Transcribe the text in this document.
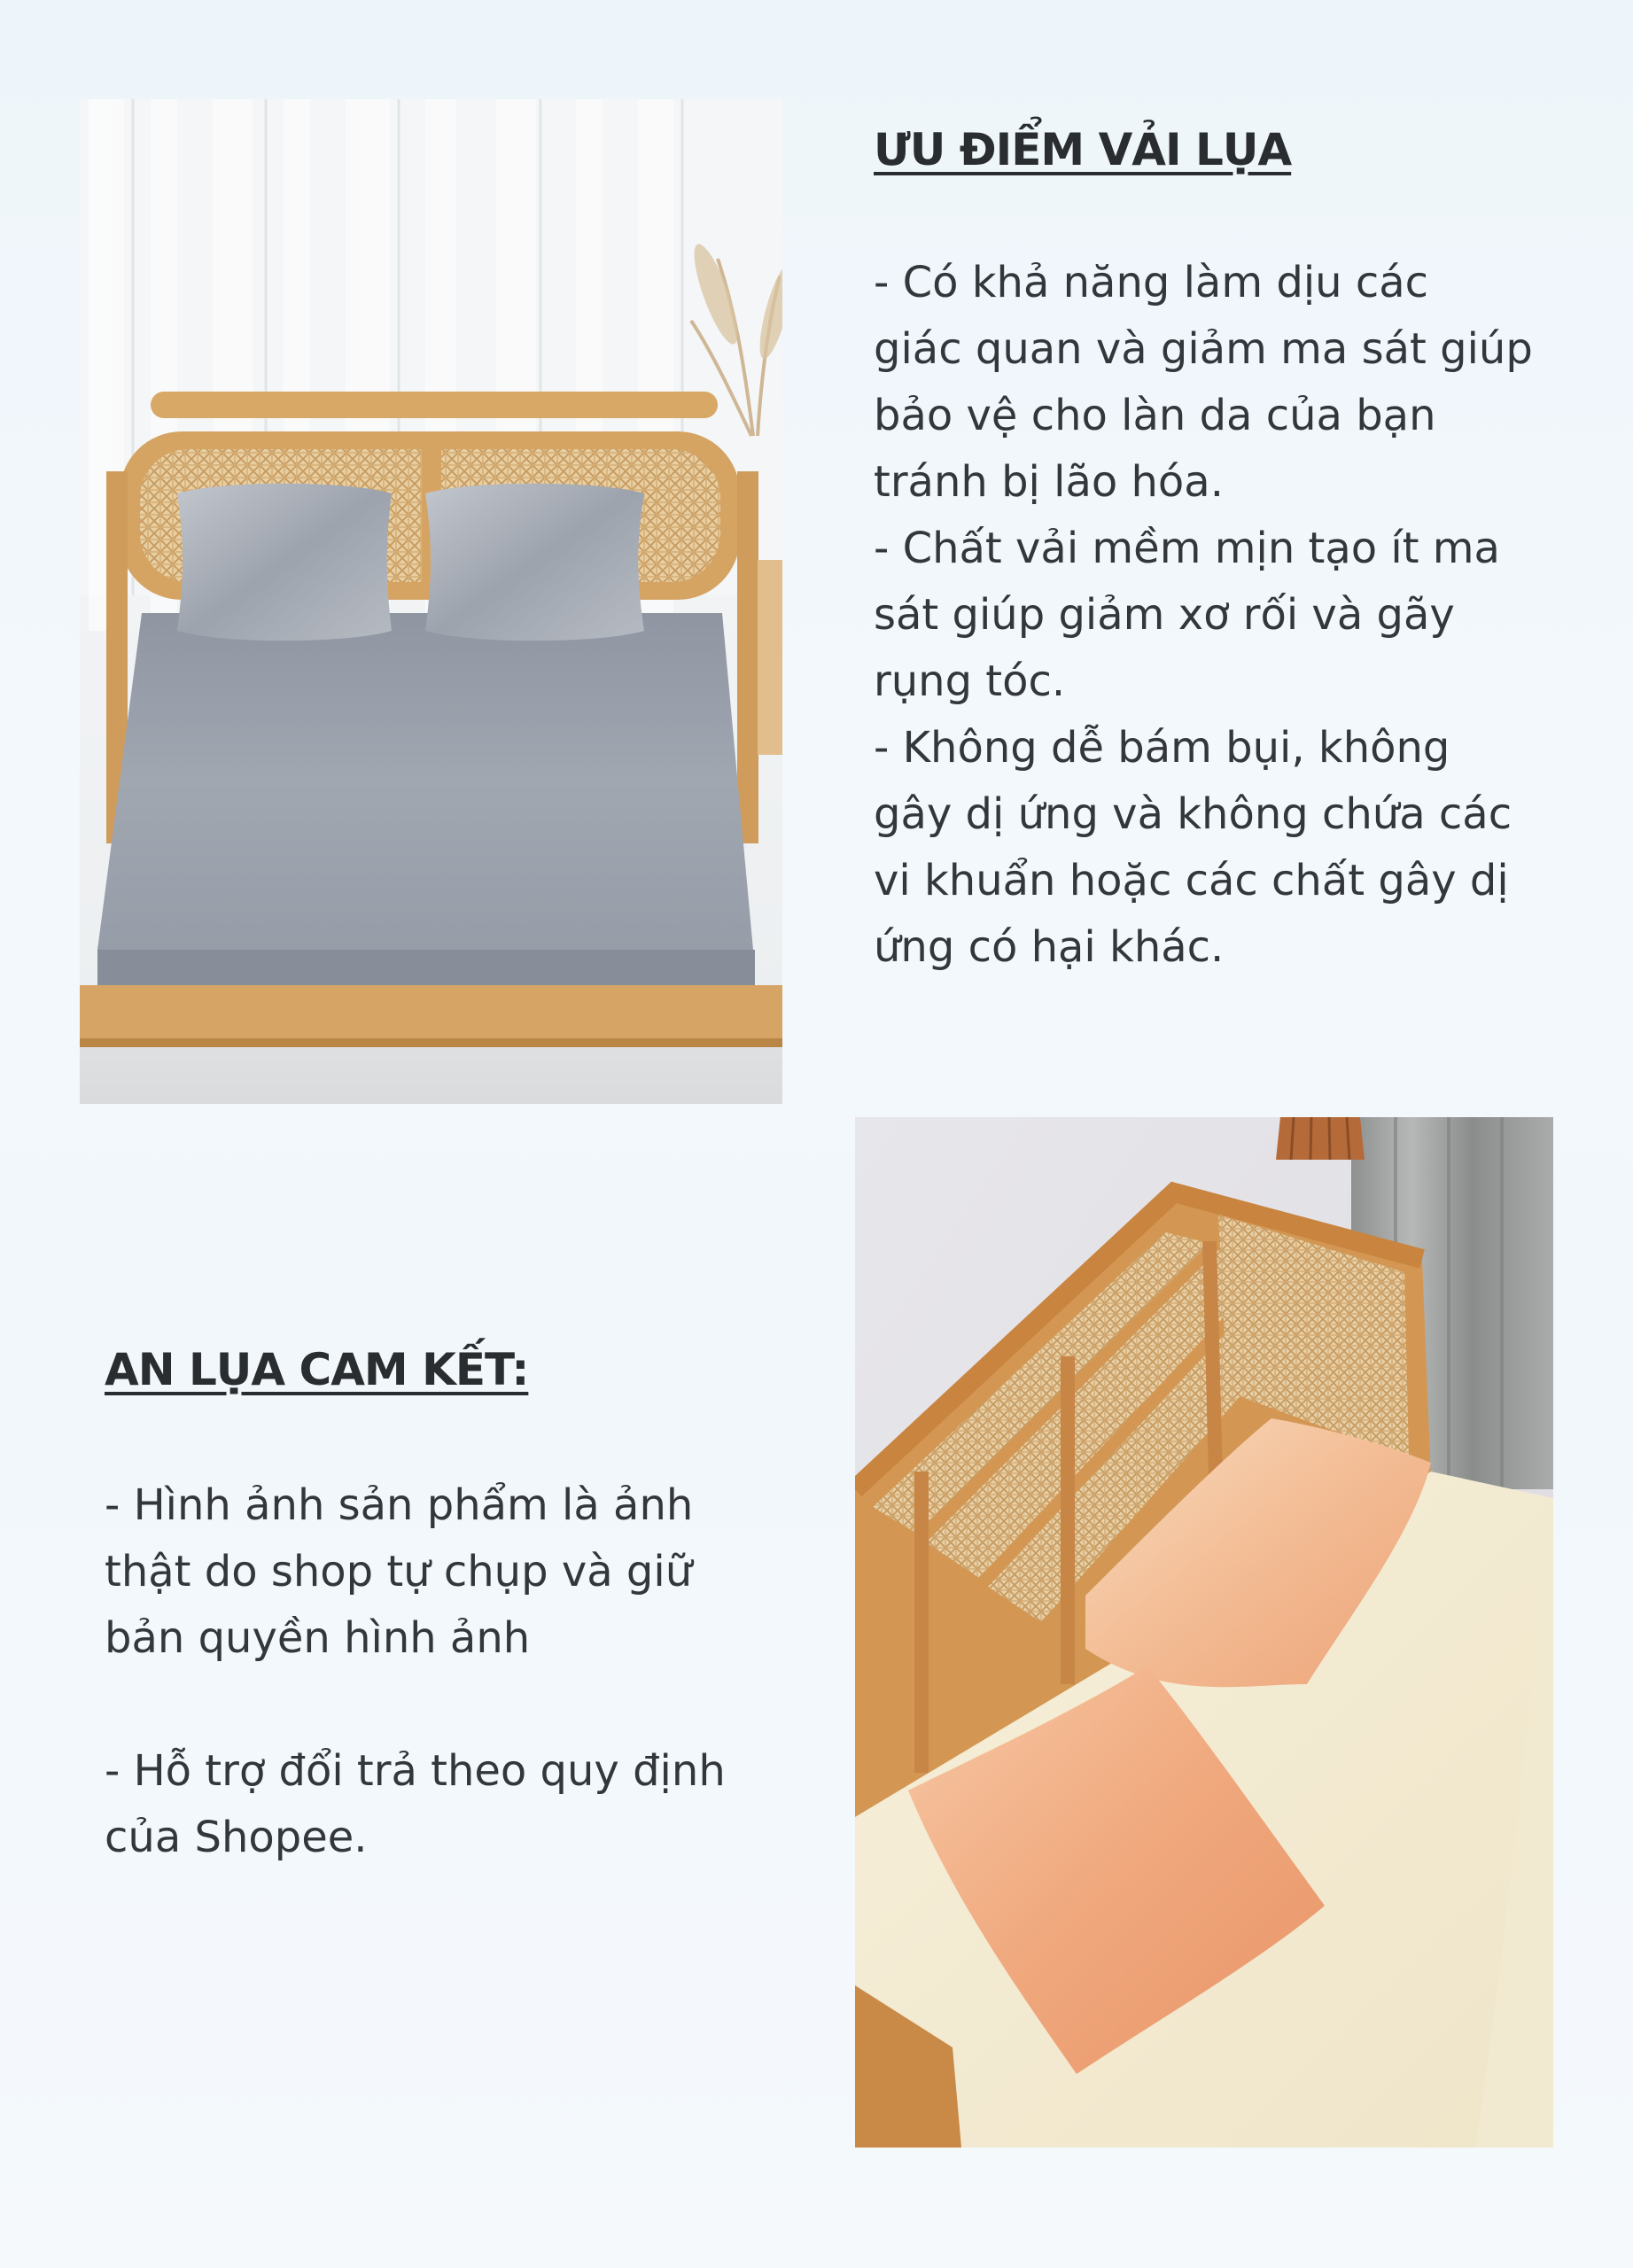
ƯU ĐIỂM VẢI LỤA

- Có khả năng làm dịu các

giác quan và giảm ma sát giúp

bảo vệ cho làn da của bạn

tránh bị lão hóa.

- Chất vải mềm mịn tạo ít ma

sát giúp giảm xơ rối và gãy

rụng tóc.

- Không dễ bám bụi, không

gây dị ứng và không chứa các

vi khuẩn hoặc các chất gây dị

ứng có hại khác.

AN LỤA CAM KẾT:

- Hình ảnh sản phẩm là ảnh

thật do shop tự chụp và giữ

bản quyền hình ảnh

- Hỗ trợ đổi trả theo quy định

của Shopee.
